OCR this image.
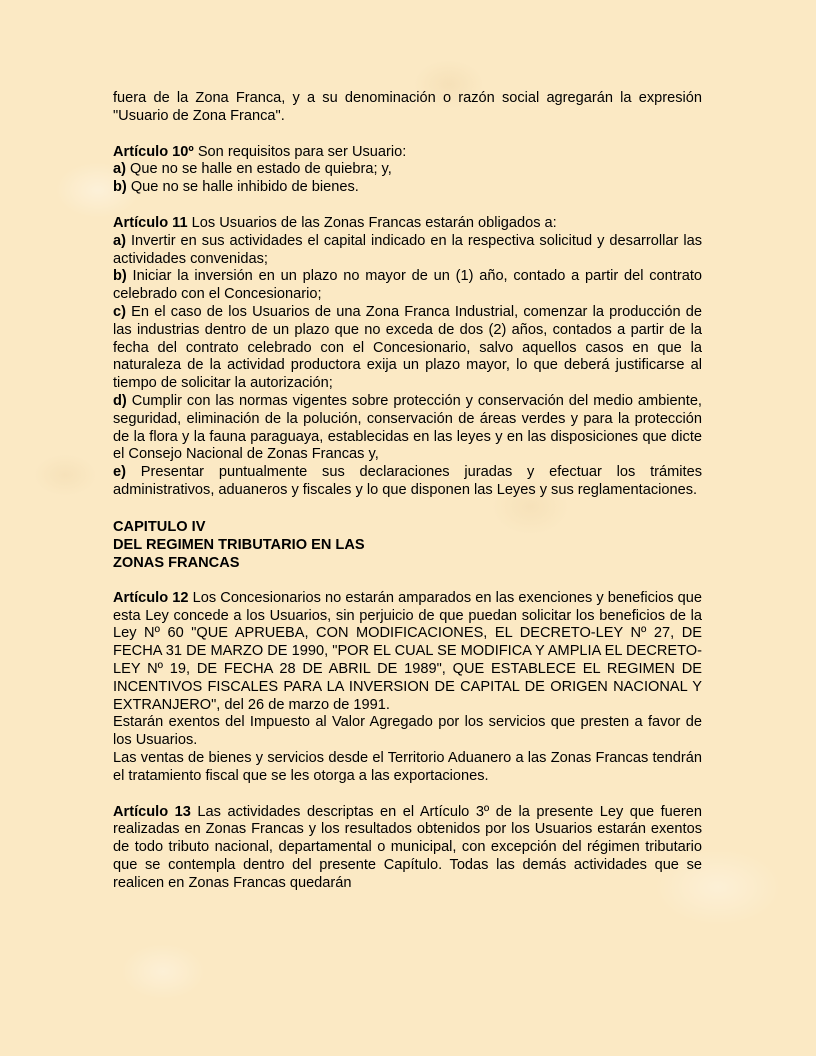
fuera de la Zona Franca, y a su denominación o razón social agregarán la expresión "Usuario de Zona Franca".
Artículo 10º Son requisitos para ser Usuario:
a) Que no se halle en estado de quiebra; y,
b) Que no se halle inhibido de bienes.
Artículo 11 Los Usuarios de las Zonas Francas estarán obligados a:
a) Invertir en sus actividades el capital indicado en la respectiva solicitud y desarrollar las actividades convenidas;
b) Iniciar la inversión en un plazo no mayor de un (1) año, contado a partir del contrato celebrado con el Concesionario;
c) En el caso de los Usuarios de una Zona Franca Industrial, comenzar la producción de las industrias dentro de un plazo que no exceda de dos (2) años, contados a partir de la fecha del contrato celebrado con el Concesionario, salvo aquellos casos en que la naturaleza de la actividad productora exija un plazo mayor, lo que deberá justificarse al tiempo de solicitar la autorización;
d) Cumplir con las normas vigentes sobre protección y conservación del medio ambiente, seguridad, eliminación de la polución, conservación de áreas verdes y para la protección de la flora y la fauna paraguaya, establecidas en las leyes y en las disposiciones que dicte el Consejo Nacional de Zonas Francas y,
e) Presentar puntualmente sus declaraciones juradas y efectuar los trámites administrativos, aduaneros y fiscales y lo que disponen las Leyes y sus reglamentaciones.
CAPITULO IV
DEL REGIMEN TRIBUTARIO EN LAS
ZONAS FRANCAS
Artículo 12 Los Concesionarios no estarán amparados en las exenciones y beneficios que esta Ley concede a los Usuarios, sin perjuicio de que puedan solicitar los beneficios de la Ley Nº 60 "QUE APRUEBA, CON MODIFICACIONES, EL DECRETO-LEY Nº 27, DE FECHA 31 DE MARZO DE 1990, "POR EL CUAL SE MODIFICA Y AMPLIA EL DECRETO-LEY Nº 19, DE FECHA 28 DE ABRIL DE 1989", QUE ESTABLECE EL REGIMEN DE INCENTIVOS FISCALES PARA LA INVERSION DE CAPITAL DE ORIGEN NACIONAL Y EXTRANJERO", del 26 de marzo de 1991.
Estarán exentos del Impuesto al Valor Agregado por los servicios que presten a favor de los Usuarios.
Las ventas de bienes y servicios desde el Territorio Aduanero a las Zonas Francas tendrán el tratamiento fiscal que se les otorga a las exportaciones.
Artículo 13 Las actividades descriptas en el Artículo 3º de la presente Ley que fueren realizadas en Zonas Francas y los resultados obtenidos por los Usuarios estarán exentos de todo tributo nacional, departamental o municipal, con excepción del régimen tributario que se contempla dentro del presente Capítulo. Todas las demás actividades que se realicen en Zonas Francas quedarán
